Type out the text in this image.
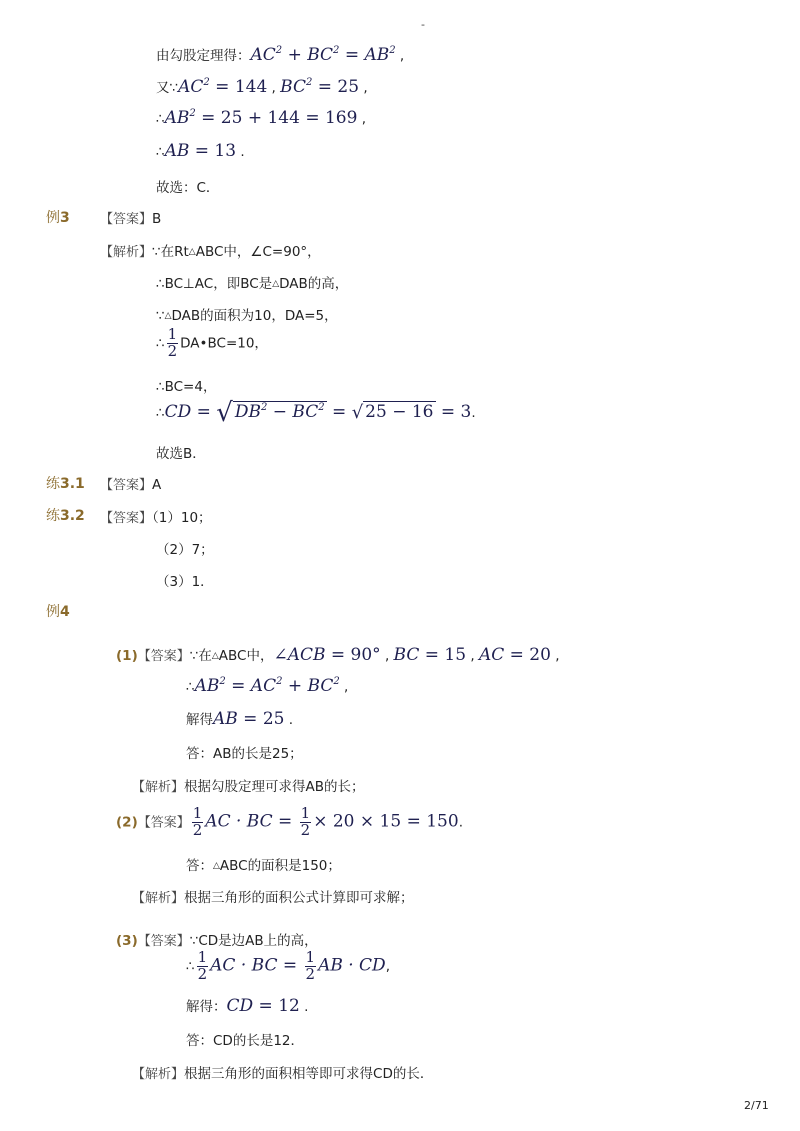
-
由勾股定理得：$AC^2 + BC^2 = AB^2$ ,
又$\because AC^2 = 144$ , $BC^2 = 25$ ,
$\therefore AB^2 = 25 + 144 = 169$ ,
∴AB = 13 .
故选：C．
例3 【答案】B
【解析】∵在Rt△ABC中，∠C=90°，
∴BC⊥AC，即BC是△DAB的高，
∵△DAB的面积为10，DA=5，
∴ $\frac{1}{2}$ DA•BC=10，
∴BC=4，
∴CD = √ $DB^2 - BC^2$ = √ 25 − 16 = 3.
故选B．
练3.1 【答案】A
练3.2 【答案】（1）10；
（2）7；
（3）1．
例4
(1)【答案】∵在△ABC中，∠ACB = 90° , BC = 15 , AC = 20 ,
$\therefore AB^2 = AC^2 + BC^2$ ,
解得AB = 25 .
答：AB的长是25；
【解析】根据勾股定理可求得AB的长；
(2)【答案】 $\frac{1}{2}$ AC · BC = $\frac{1}{2} \times 20 \times 15 = 150$.
答：△ABC的面积是150；
【解析】根据三角形的面积公式计算即可求解；
(3)【答案】∵CD是边AB上的高，
∴ $\frac{1}{2}$ AC · BC = $\frac{1}{2}$ AB · CD,
解得：CD = 12 .
答：CD的长是12．
【解析】根据三角形的面积相等即可求得CD的长．
2/71
